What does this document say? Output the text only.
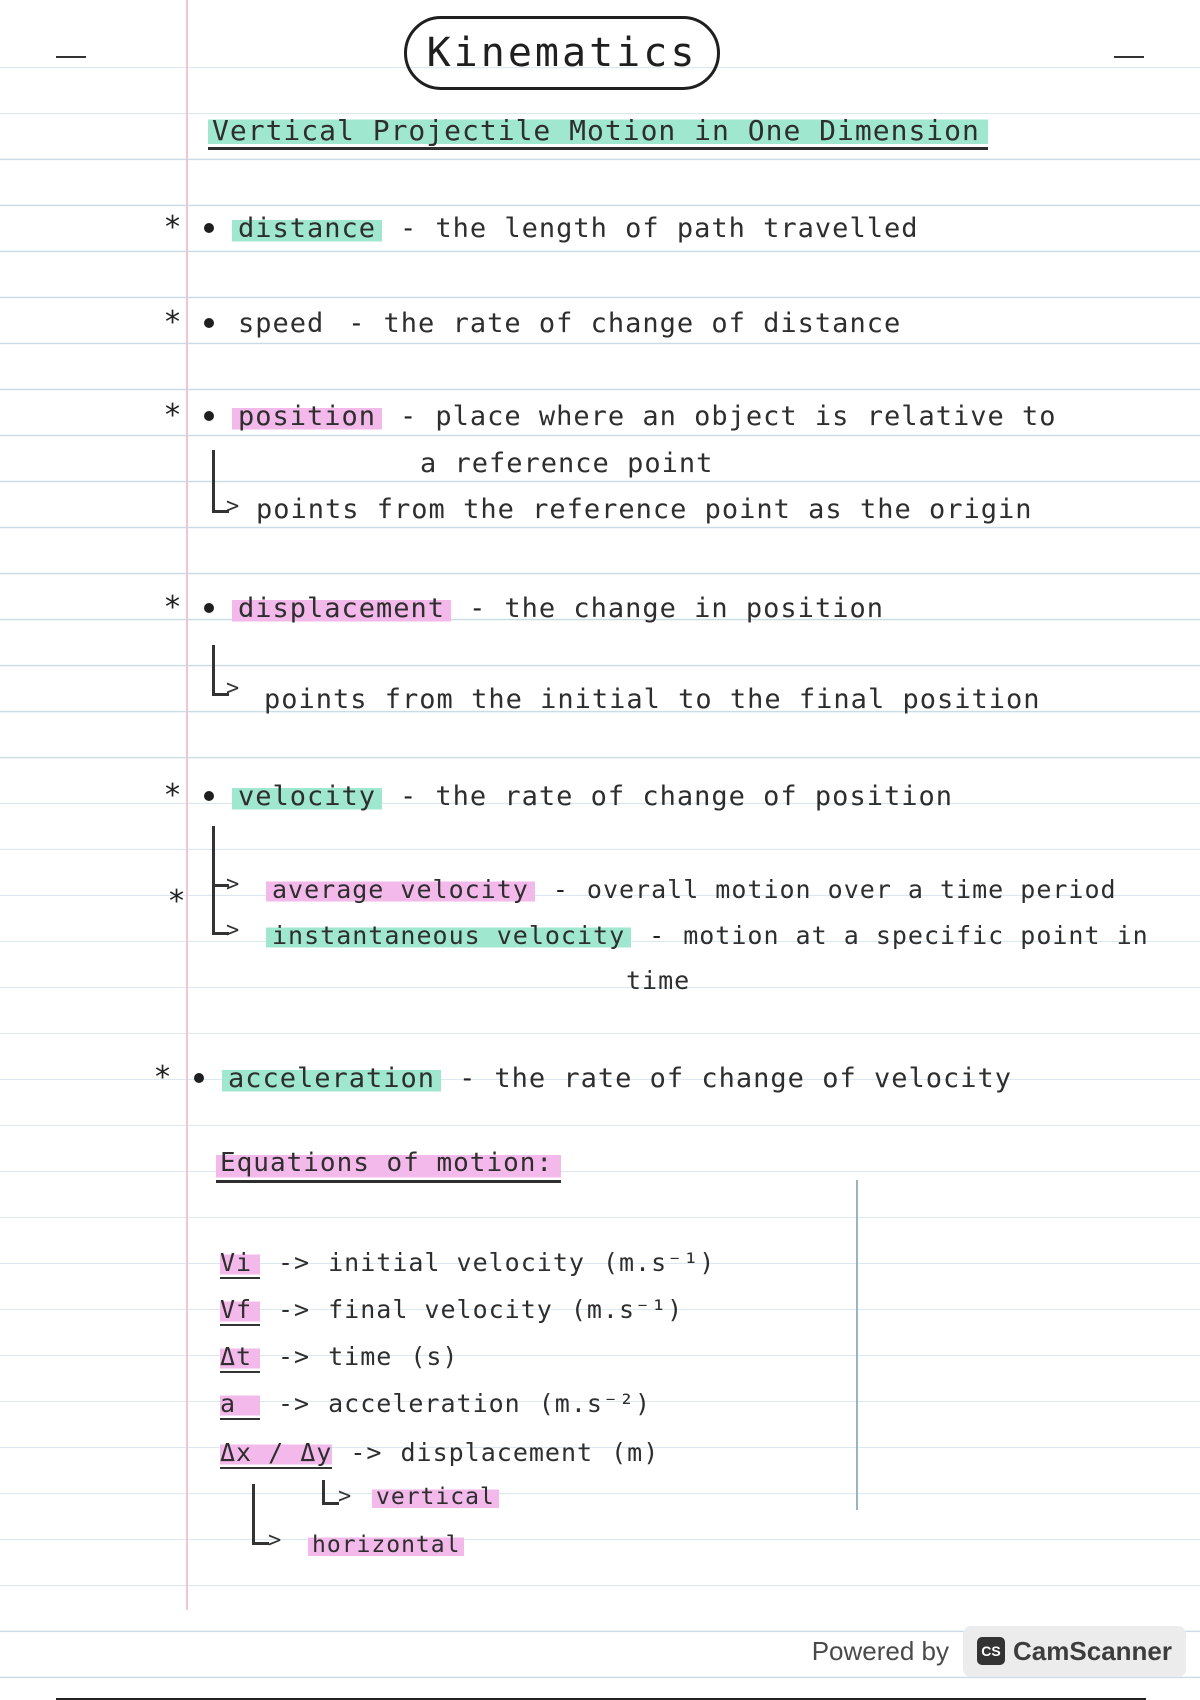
Kinematics
Vertical Projectile Motion in One Dimension
* distance - the length of path travelled
* speed - the rate of change of distance
* position - place where an object is relative to
a reference point
> points from the reference point as the origin
* displacement - the change in position
> points from the initial to the final position
* velocity - the rate of change of position
* > average velocity - overall motion over a time period
> instantaneous velocity - motion at a specific point in
time
* acceleration - the rate of change of velocity
Equations of motion:
Vi	-> initial velocity (m.s⁻¹)
Vf	-> final velocity (m.s⁻¹)
Δt	-> time (s)
a	-> acceleration (m.s⁻²)
Δx / Δy -> displacement (m)
> vertical
> horizontal
Powered by	CS CamScanner
